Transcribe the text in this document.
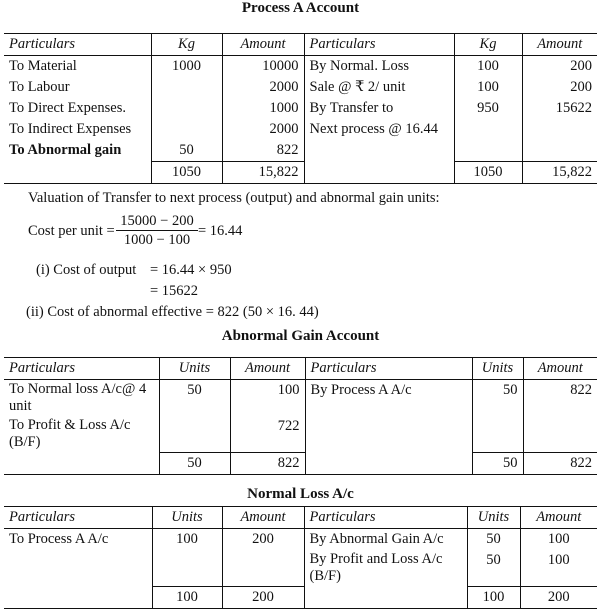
Process A Account
Particulars	Kg	Amount	Particulars	Kg	Amount
To Material	1000	10000	By Normal. Loss	100	200
To Labour		2000	Sale @ ₹ 2/ unit	100	200
To Direct Expenses.		1000	By Transfer to	950	15622
To Indirect Expenses		2000	Next process @ 16.44		
To Abnormal gain	50	822			
	1050	15,822		1050	15,822
Valuation of Transfer to next process (output) and abnormal gain units:
Cost per unit = $\frac{15000 - 200}{1000 - 100} = 16.44$
(i) Cost of output = 16.44 × 950
= 15622
(ii) Cost of abnormal effective = 822 (50 × 16. 44)
Abnormal Gain Account
Particulars	Units	Amount	Particulars	Units	Amount
To Normal loss A/c@ 4 unit	50	100	By Process A A/c	50	822
To Profit & Loss A/c (B/F)		722			
	50	822		50	822
Normal Loss A/c
Particulars	Units	Amount	Particulars	Units	Amount
To Process A A/c	100	200	By Abnormal Gain A/c	50	100
			By Profit and Loss A/c (B/F)	50	100
	100	200		100	200
